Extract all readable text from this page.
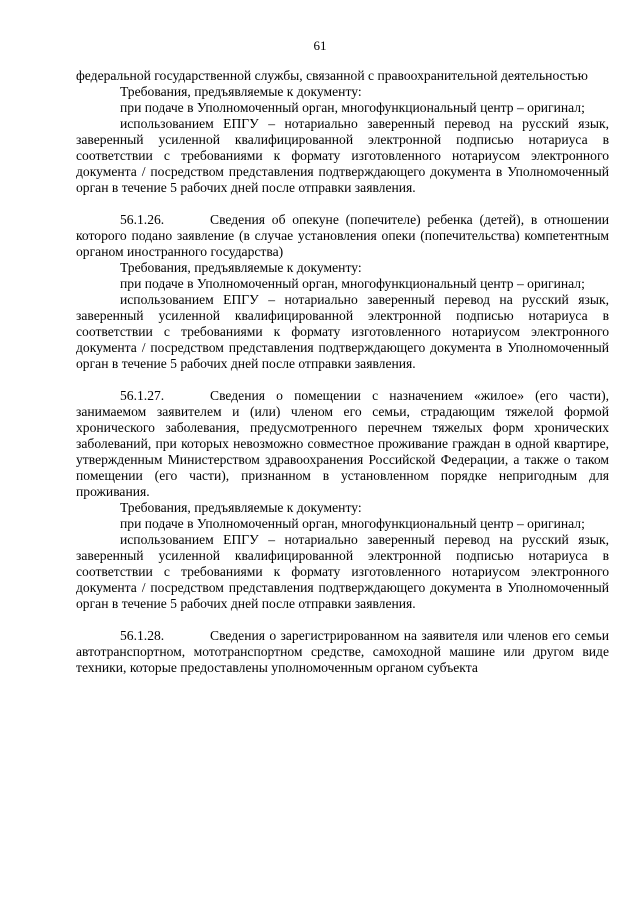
61

федеральной государственной службы, связанной с правоохранительной деятельностью

Требования, предъявляемые к документу:

при подаче в Уполномоченный орган, многофункциональный центр – оригинал;

использованием ЕПГУ – нотариально заверенный перевод на русский язык, заверенный усиленной квалифицированной электронной подписью нотариуса в соответствии с требованиями к формату изготовленного нотариусом электронного документа / посредством представления подтверждающего документа в Уполномоченный орган в течение 5 рабочих дней после отправки заявления.

56.1.26.	Сведения об опекуне (попечителе) ребенка (детей), в отношении которого подано заявление (в случае установления опеки (попечительства) компетентным органом иностранного государства)

Требования, предъявляемые к документу:

при подаче в Уполномоченный орган, многофункциональный центр – оригинал;

использованием ЕПГУ – нотариально заверенный перевод на русский язык, заверенный усиленной квалифицированной электронной подписью нотариуса в соответствии с требованиями к формату изготовленного нотариусом электронного документа / посредством представления подтверждающего документа в Уполномоченный орган в течение 5 рабочих дней после отправки заявления.

56.1.27.	Сведения о помещении с назначением «жилое» (его части), занимаемом заявителем и (или) членом его семьи, страдающим тяжелой формой хронического заболевания, предусмотренного перечнем тяжелых форм хронических заболеваний, при которых невозможно совместное проживание граждан в одной квартире, утвержденным Министерством здравоохранения Российской Федерации, а также о таком помещении (его части), признанном в установленном порядке непригодным для проживания.

Требования, предъявляемые к документу:

при подаче в Уполномоченный орган, многофункциональный центр – оригинал;

использованием ЕПГУ – нотариально заверенный перевод на русский язык, заверенный усиленной квалифицированной электронной подписью нотариуса в соответствии с требованиями к формату изготовленного нотариусом электронного документа / посредством представления подтверждающего документа в Уполномоченный орган в течение 5 рабочих дней после отправки заявления.

56.1.28.	Сведения о зарегистрированном на заявителя или членов его семьи автотранспортном, мототранспортном средстве, самоходной машине или другом виде техники, которые предоставлены уполномоченным органом субъекта
